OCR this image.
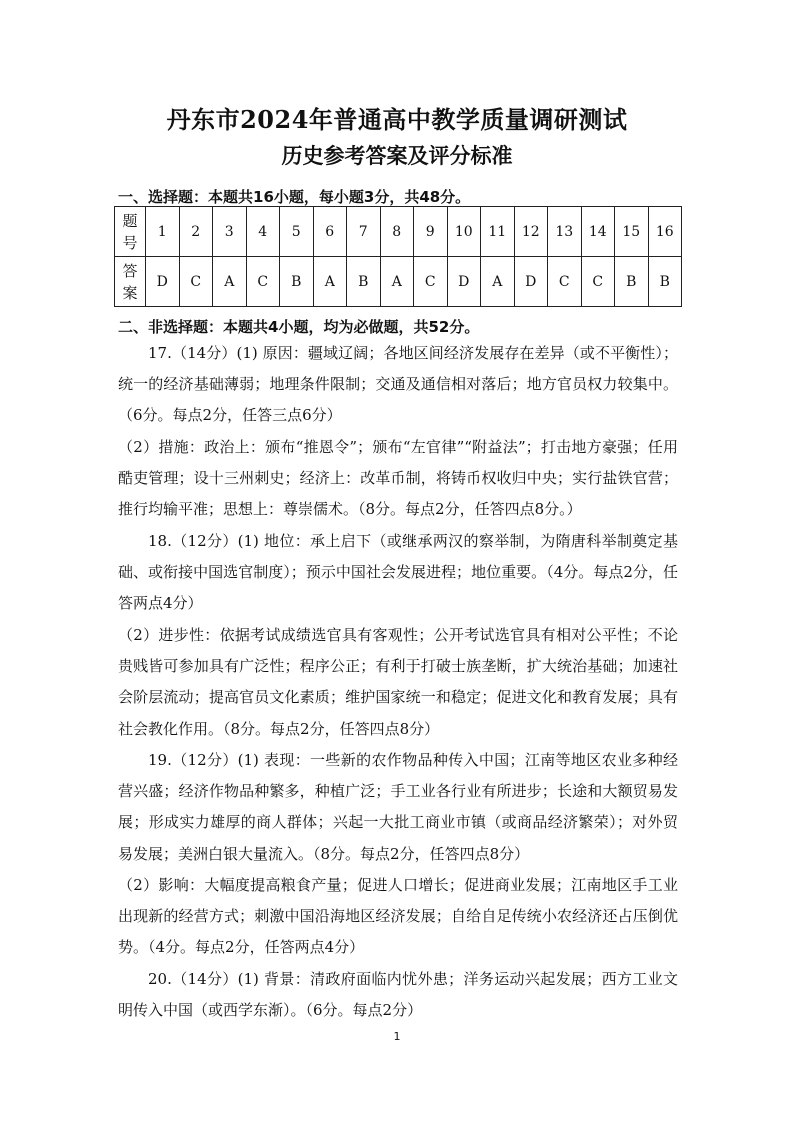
丹东市2024年普通高中教学质量调研测试
历史参考答案及评分标准
一、选择题：本题共16小题，每小题3分，共48分。
题
号	1	2	3	4	5	6	7	8	9	10	11	12	13	14	15	16
答
案	D	C	A	C	B	A	B	A	C	D	A	D	C	C	B	B
二、非选择题：本题共4小题，均为必做题，共52分。

17.（14分）(1) 原因：疆域辽阔；各地区间经济发展存在差异（或不平衡性）；统一的经济基础薄弱；地理条件限制；交通及通信相对落后；地方官员权力较集中。（6分。每点2分，任答三点6分）

（2）措施：政治上：颁布“推恩令”；颁布“左官律”“附益法”；打击地方豪强；任用酷吏管理；设十三州刺史；经济上：改革币制，将铸币权收归中央；实行盐铁官营；推行均输平准；思想上：尊崇儒术。（8分。每点2分，任答四点8分。）

18.（12分）(1) 地位：承上启下（或继承两汉的察举制，为隋唐科举制奠定基础、或衔接中国选官制度）；预示中国社会发展进程；地位重要。（4分。每点2分，任答两点4分）

（2）进步性：依据考试成绩选官具有客观性；公开考试选官具有相对公平性；不论贵贱皆可参加具有广泛性；程序公正；有利于打破士族垄断，扩大统治基础；加速社会阶层流动；提高官员文化素质；维护国家统一和稳定；促进文化和教育发展；具有社会教化作用。（8分。每点2分，任答四点8分）

19.（12分）(1) 表现：一些新的农作物品种传入中国；江南等地区农业多种经营兴盛；经济作物品种繁多，种植广泛；手工业各行业有所进步；长途和大额贸易发展；形成实力雄厚的商人群体；兴起一大批工商业市镇（或商品经济繁荣）；对外贸易发展；美洲白银大量流入。（8分。每点2分，任答四点8分）

（2）影响：大幅度提高粮食产量；促进人口增长；促进商业发展；江南地区手工业出现新的经营方式；刺激中国沿海地区经济发展；自给自足传统小农经济还占压倒优势。（4分。每点2分，任答两点4分）

20.（14分）(1) 背景：清政府面临内忧外患；洋务运动兴起发展；西方工业文明传入中国（或西学东渐）。（6分。每点2分）

1
